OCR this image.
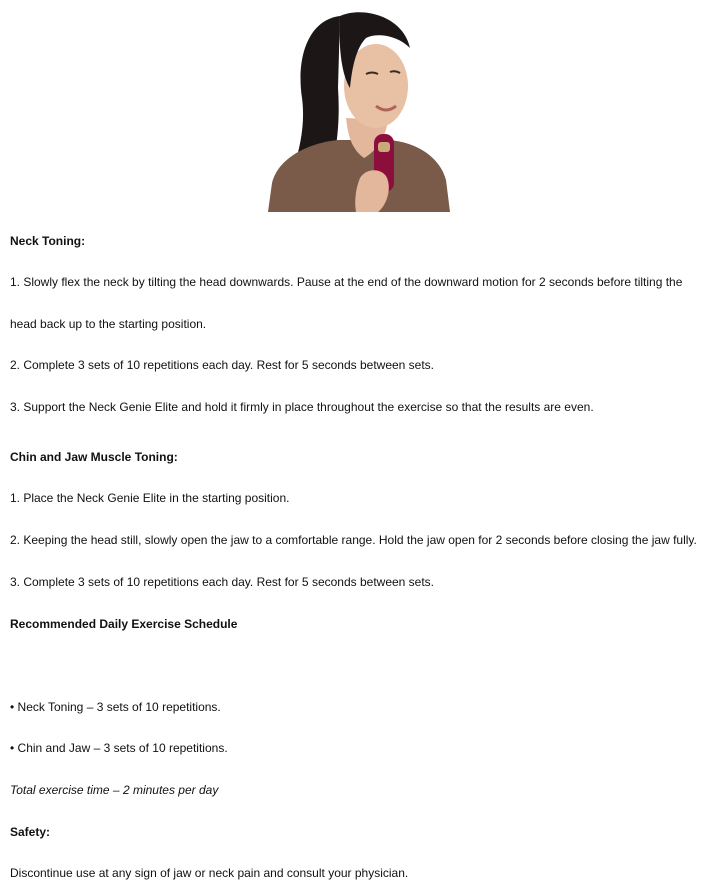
Neck Toning:
1. Slowly flex the neck by tilting the head downwards. Pause at the end of the downward motion for 2 seconds before tilting the
head back up to the starting position.
2. Complete 3 sets of 10 repetitions each day. Rest for 5 seconds between sets.
3. Support the Neck Genie Elite and hold it firmly in place throughout the exercise so that the results are even.
Chin and Jaw Muscle Toning:
1. Place the Neck Genie Elite in the starting position.
2. Keeping the head still, slowly open the jaw to a comfortable range. Hold the jaw open for 2 seconds before closing the jaw fully.
3. Complete 3 sets of 10 repetitions each day. Rest for 5 seconds between sets.
Recommended Daily Exercise Schedule
• Neck Toning – 3 sets of 10 repetitions.
• Chin and Jaw – 3 sets of 10 repetitions.
Total exercise time – 2 minutes per day
Safety:
Discontinue use at any sign of jaw or neck pain and consult your physician.
